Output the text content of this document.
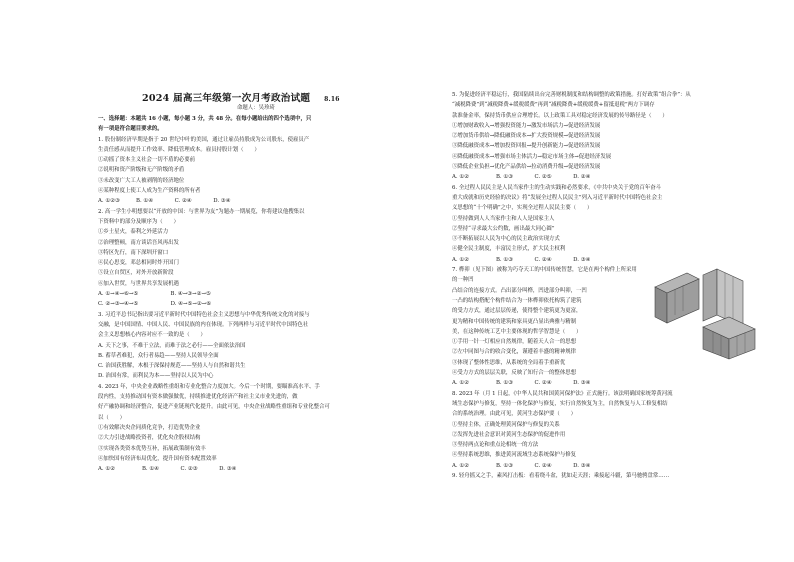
2024 届高三年级第一次月考政治试题 8.16
命题人：吴珍琦

一、选择题：本题共 16 小题，每小题 3 分，共 48 分。在每小题给出的四个选项中，只

有一项是符合题目要求的。

1. 股份制经济早期是指于 20 世纪中叶的美国，通过让雇员持股成为公司股东，使雇员产

生责任感从而提升工作效率、降低管理成本。雇员持股计划（　　）

①动摇了资本主义社会一切不盾的必要前

②说明和资产阶级和无产阶级的矛盾

③未改变广大工人被剥削的经济地位

④某种程度上使工人成为生产资料的所有者

A. ①②③　　　B. ①④　　　　C. ②④　　　　D. ③④

2. 高一学生小明想要以“开放的中国：与世界为友”为题办一期展览，你将建议他搜集以

下资料中的部分及顺序为（　　）

①乡土星火，泰利之外延活力

②治理整顿，南方谈话吾风再出发

③特区先行，南下深圳开窗口

④民心思变，邓总相同时炸开国门

⑤设立自贸区，对外开放新阶段

⑥加入世贸，与世界共享发展机遇

A. ①→④→⑥→⑤　　　　　　B. ④→③→②→⑤

C. ②→③→④→⑤　　　　　　D. ④→⑤→②→⑥

3. 习近平总书记指出要习近平新时代中国特色社会主义思想与中华优秀传统文化的对接与

交融，是中国国情、中国人民、中国民族的内在体现。下列两样与习近平时代中国特色社

会主义思想核心内容对应不一致的是（　　）

A. 天下之事，不难于立法，而难于法之必行——全面依法治国

B. 蓄草者难犯，众行者易趋——坚持人民领导全面

C. 治国获胜解，木根于深保持规范——坚持人与自然和谐共生

D. 治国有常，而利民为本——坚持以人民为中心

4. 2023 年，中央企业战略性重组和专业化整合力度加大。今后一个时期，要瞄准高水平、手

段内性，支持推动国有资本做强做优，持续推进优化经济产和社主义市业先进的，做

好产融协调和经济整合，促进产业链现代化提升。由此可见，中央企业战略性重组和专业化整合可

以（　　）

①有效解决央企同质化竞争，打造优势企业

②大力引进战略投资者，优化央企股权结构

③实现各类资本优势互补，拓展政策制有效丰

④加快国有经济布局优化，提升国有资本配置效率

A. ①②　　　　　B. ①④　　　　C. ②③　　　　D. ③④

5. 为促进经济平稳运行，我国陆续出台完善财税制度和结构调整的政策措施。打好政策“组合拳”：从

“减税降费”到“减税降费+缓税缓费”再到“减税降费+缓税缓费+留抵退税”两方下调存

款准备金率，保持货币供应合理增长。以上政策工具对稳定经济发展的传导路径是（　　）

①增加财政收入→增强投资能力→激发市场活力→促进经济发展

②增加货币供给→降低融资成本→扩大投资规模→促进经济发展

③降低融资成本→增加投资回报→提升创新能力→促进经济发展

④降低融资成本→增强市场主体活力→稳定市场主体→促进经济发展

⑤降低企业负担→优化产品供给→拉动消费升级→促进经济发展

A. ①②　　　　　B. ①③　　　　C. ②⑤　　　　D. ②④

6. 全过程人民民主是人民当家作主的生动实践和必然要求，《中共中央关于党的百年奋斗

重大成就和历史经验的决议》将“发展全过程人民民主”列入习近平新时代中国特色社会主

义思想的“十个明确”之中，实现全过程人民民主要（　　）

①坚持做到人人当家作主和人人是国家主人

②坚持“寻求最大公约数，画出最大同心圆”

③不断拓展以人民为中心的民主政治实现方式

④健全民主制度，丰富民主形式，扩大民主权利

A. ①②　　　　　B. ①③　　　　C. ②④　　　　D. ③④

7. 榫卯（见下图）被称为巧夺天工的中国传统智慧，它是在两个构件上所采用的一种凹

凸结合的连接方式。凸出部分叫榫，凹进部分叫卯，一凹

一凸的结构搭配个构件结合为一体榫卯依托构筑了建筑

的受力方式，通过层层传递，使得整个建筑更为更富，

更为精和中国传统的建筑和家具更凸显出典雅与精制

美，在这种传统工艺中主要体现的哲学智慧是（　　）

①手用一针一灯相应自然规律，随着天人合一的思想

②左中同图与合的收合变化，谨遵着丰盛的精神规律

③体现了整体性思维，从系统的全局着手重新优

④受力方式的层层关联，反映了知行合一的整体思想

A. ①②　　　　　B. ①③　　　　C. ②④　　　　D. ③④

8. 2023 年（月 1 日起，《中华人民共和国黄河保护法》正式施行。该法明确国家统筹黄河流

域生态保护与修复，坚持一体化保护与修复，实行自然恢复为主，自然恢复与人工修复相结

合的系统治理。由此可见，黄河生态保护要（　　）

①坚持主体，正确处理黄河保护与修复的关系

②发挥先进社会意识对黄河生态保护的促进作用

③坚持两点论和重点论相统一的方法

④坚持系统思维，推进黄河流域生态系统保护与修复

A. ①②　　　　　B. ①③　　　　C. ②④　　　　D. ③④

9. 轻舟摇又之手，素风打击板：看着绕斗盆，犹如走天涯；乘接起斗疆，第马驰骋盘常……
